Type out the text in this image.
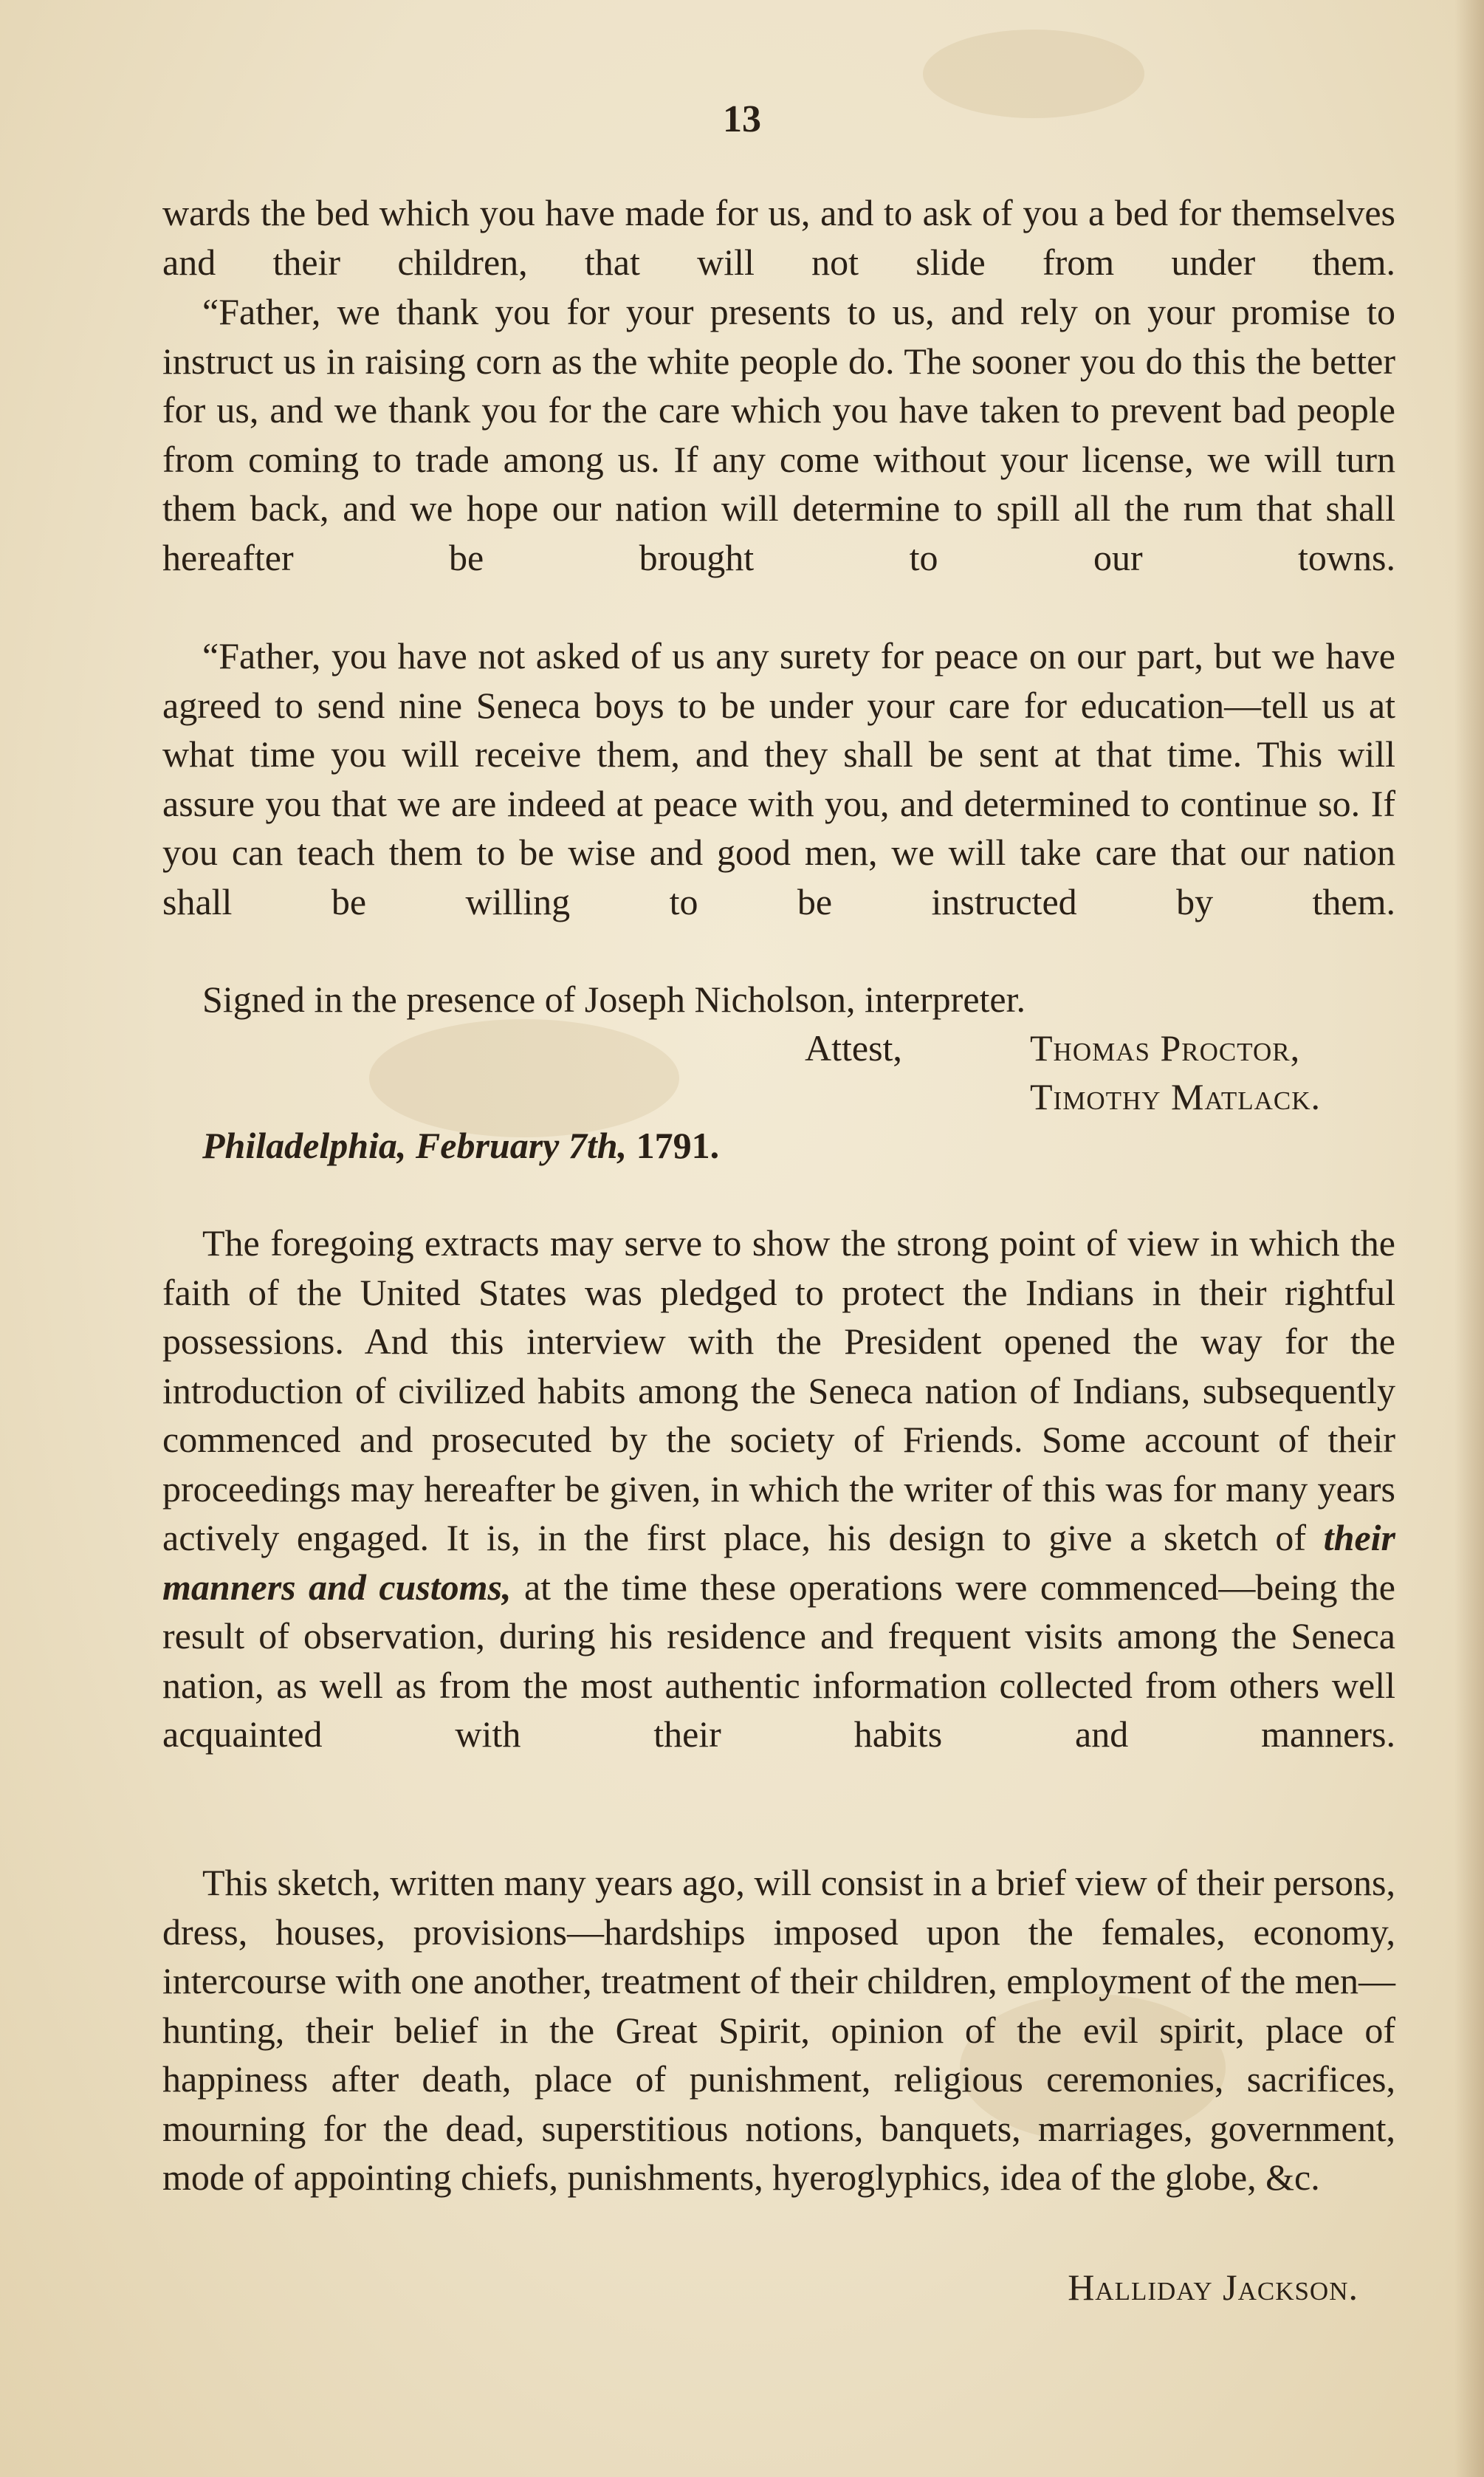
13
wards the bed which you have made for us, and to ask of you a bed for themselves and their children, that will not slide from under them.
“Father, we thank you for your presents to us, and rely on your promise to instruct us in raising corn as the white people do. The sooner you do this the better for us, and we thank you for the care which you have taken to prevent bad people from coming to trade among us. If any come without your license, we will turn them back, and we hope our nation will determine to spill all the rum that shall hereafter be brought to our towns.
“Father, you have not asked of us any surety for peace on our part, but we have agreed to send nine Seneca boys to be under your care for education—tell us at what time you will receive them, and they shall be sent at that time. This will assure you that we are indeed at peace with you, and determined to continue so. If you can teach them to be wise and good men, we will take care that our nation shall be willing to be instructed by them.
Signed in the presence of Joseph Nicholson, interpreter.
Attest,	Thomas Proctor,
Timothy Matlack.
Philadelphia, February 7th, 1791.
The foregoing extracts may serve to show the strong point of view in which the faith of the United States was pledged to protect the Indians in their rightful possessions. And this interview with the President opened the way for the introduction of civilized habits among the Seneca nation of Indians, subsequently commenced and prosecuted by the society of Friends. Some account of their proceedings may hereafter be given, in which the writer of this was for many years actively engaged. It is, in the first place, his design to give a sketch of their manners and customs, at the time these operations were commenced—being the result of observation, during his residence and frequent visits among the Seneca nation, as well as from the most authentic information collected from others well acquainted with their habits and manners.
This sketch, written many years ago, will consist in a brief view of their persons, dress, houses, provisions—hardships imposed upon the females, economy, intercourse with one another, treatment of their children, employment of the men—hunting, their belief in the Great Spirit, opinion of the evil spirit, place of happiness after death, place of punishment, religious ceremonies, sacrifices, mourning for the dead, superstitious notions, banquets, marriages, government, mode of appointing chiefs, punishments, hyeroglyphics, idea of the globe, &c.
Halliday Jackson.
